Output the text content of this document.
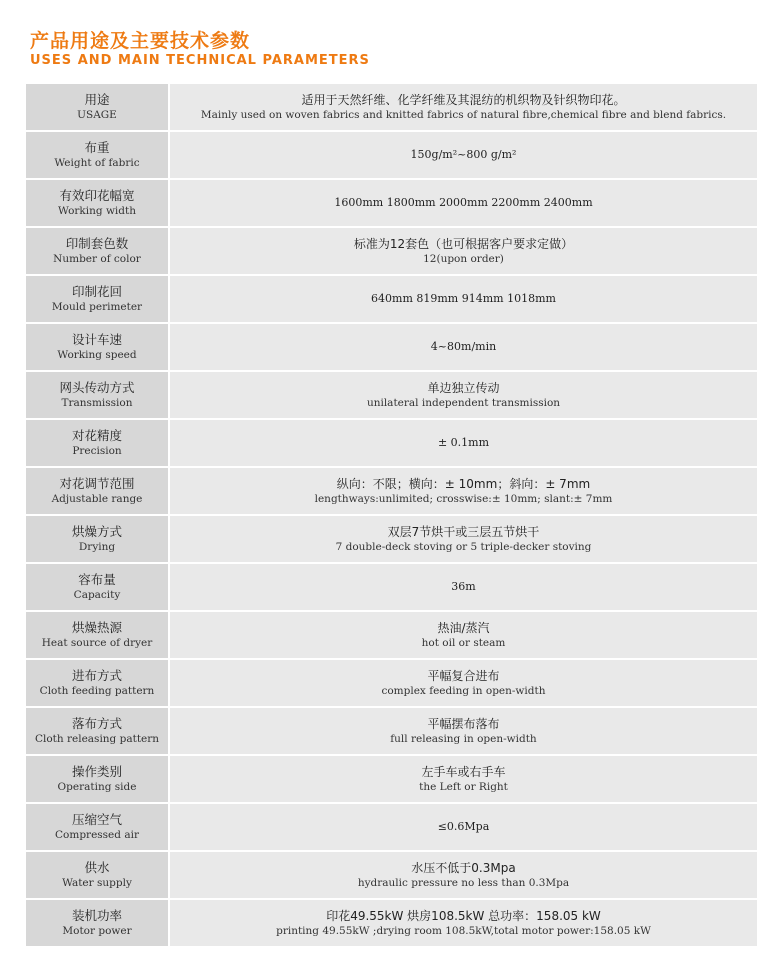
产品用途及主要技术参数
USES AND MAIN TECHNICAL PARAMETERS
用途
USAGE
适用于天然纤维、化学纤维及其混纺的机织物及针织物印花。
Mainly used on woven fabrics and knitted fabrics of natural fibre,chemical fibre and blend fabrics.
布重
Weight of fabric
150g/m²~800 g/m²
有效印花幅宽
Working width
1600mm 1800mm 2000mm 2200mm 2400mm
印制套色数
Number of color
标准为12套色（也可根据客户要求定做）
12(upon order)
印制花回
Mould perimeter
640mm 819mm 914mm 1018mm
设计车速
Working speed
4~80m/min
网头传动方式
Transmission
单边独立传动
unilateral independent transmission
对花精度
Precision
± 0.1mm
对花调节范围
Adjustable range
纵向：不限；横向：± 10mm；斜向：± 7mm
lengthways:unlimited; crosswise:± 10mm; slant:± 7mm
烘燥方式
Drying
双层7节烘干或三层五节烘干
7 double-deck stoving or 5 triple-decker stoving
容布量
Capacity
36m
烘燥热源
Heat source of dryer
热油/蒸汽
hot oil or steam
进布方式
Cloth feeding pattern
平幅复合进布
complex feeding in open-width
落布方式
Cloth releasing pattern
平幅摆布落布
full releasing in open-width
操作类别
Operating side
左手车或右手车
the Left or Right
压缩空气
Compressed air
≤0.6Mpa
供水
Water supply
水压不低于0.3Mpa
hydraulic pressure no less than 0.3Mpa
装机功率
Motor power
印花49.55kW 烘房108.5kW 总功率：158.05 kW
printing 49.55kW ;drying room 108.5kW,total motor power:158.05 kW
